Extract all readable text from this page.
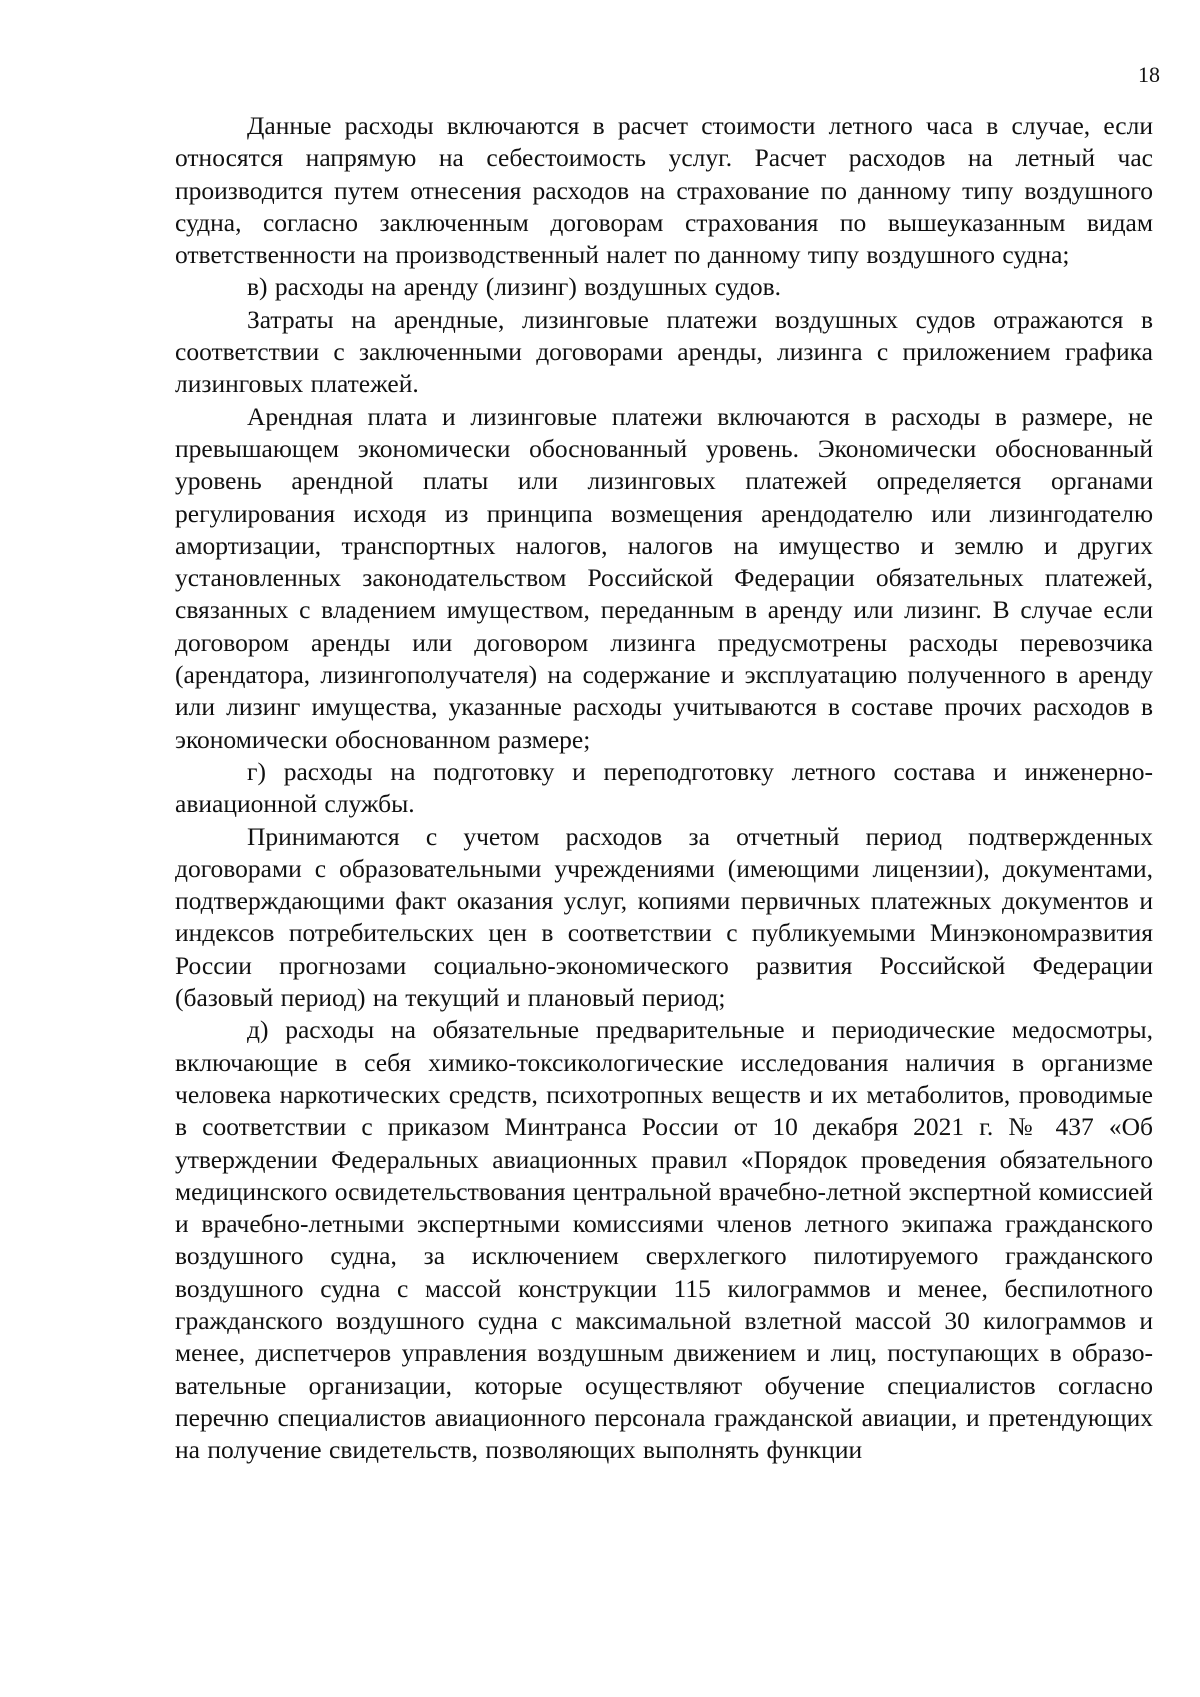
18

Данные расходы включаются в расчет стоимости летного часа в случае, если относятся напрямую на себестоимость услуг. Расчет расходов на летный час производится путем отнесения расходов на страхование по данному типу воздушного судна, согласно заключенным договорам страхования по вышеуказанным видам ответственности на производственный налет по данному типу воздушного судна;

в) расходы на аренду (лизинг) воздушных судов.

Затраты на арендные, лизинговые платежи воздушных судов отражаются в соответствии с заключенными договорами аренды, лизинга с приложением графика лизинговых платежей.

Арендная плата и лизинговые платежи включаются в расходы в размере, не превышающем экономически обоснованный уровень. Экономически обоснованный уровень арендной платы или лизинговых платежей определяется органами регулирования исходя из принципа возмещения арендодателю или лизингодателю амортизации, транспортных налогов, налогов на имущество и землю и других установленных законодательством Российской Федерации обязательных платежей, связанных с владением имуществом, переданным в аренду или лизинг. В случае если договором аренды или договором лизинга предусмотрены расходы перевозчика (арендатора, лизингополучателя) на содержание и эксплуатацию полученного в аренду или лизинг имущества, указанные расходы учитываются в составе прочих расходов в экономически обоснованном размере;

г) расходы на подготовку и переподготовку летного состава и инженерно-авиационной службы.

Принимаются с учетом расходов за отчетный период подтвержденных договорами с образовательными учреждениями (имеющими лицензии), документами, подтверждающими факт оказания услуг, копиями первичных платежных документов и индексов потребительских цен в соответствии с публикуемыми Минэкономразвития России прогнозами социально-экономического развития Российской Федерации (базовый период) на текущий и плановый период;

д) расходы на обязательные предварительные и периодические медосмотры, включающие в себя химико-токсикологические исследования наличия в организме человека наркотических средств, психотропных веществ и их метаболитов, проводимые в соответствии с приказом Минтранса России от 10 декабря 2021 г. № 437 «Об утверждении Федеральных авиационных правил «Порядок проведения обязательного медицинского освидетельствования центральной врачебно-летной экспертной комиссией и врачебно-летными экспертными комиссиями членов летного экипажа гражданского воздушного судна, за исключением сверхлегкого пилотируемого гражданского воздушного судна с массой конструкции 115 килограммов и менее, беспилотного гражданского воздушного судна с максимальной взлетной массой 30 килограммов и менее, диспетчеров управления воздушным движением и лиц, поступающих в образовательные организации, которые осуществляют обучение специалистов согласно перечню специалистов авиационного персонала гражданской авиации, и претендующих на получение свидетельств, позволяющих выполнять функции
